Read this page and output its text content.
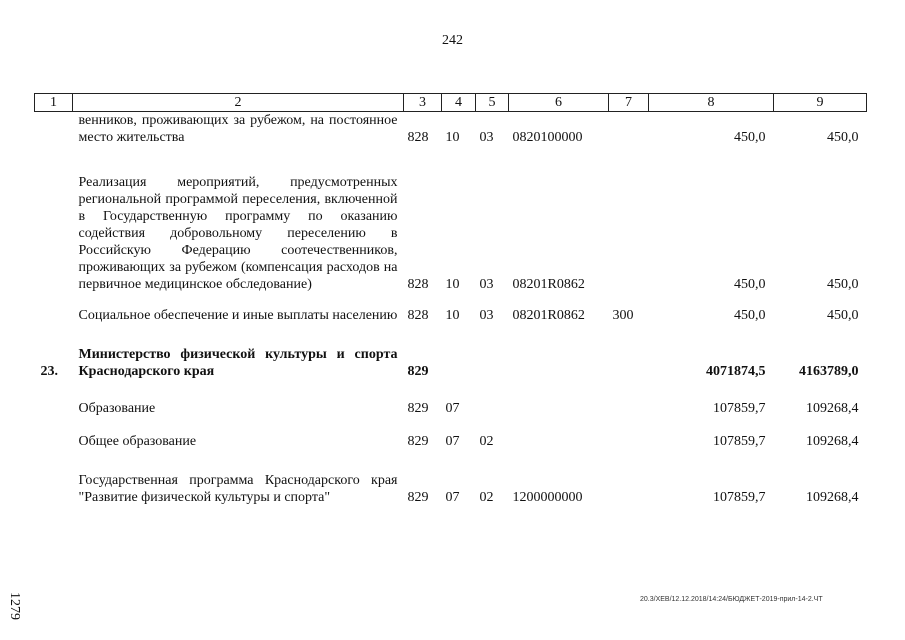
242
1	2	3	4	5	6	7	8	9
	венников, проживающих за рубежом, на постоянное место жительства	828	10	03	0820100000		450,0	450,0
	Реализация мероприятий, предусмотренных региональной программой переселения, включенной в Государственную программу по оказанию содействия добровольному переселению в Российскую Федерацию соотечественников, проживающих за рубежом (компенсация расходов на первичное медицинское обследование)	828	10	03	08201R0862		450,0	450,0
	Социальное обеспечение и иные выплаты населению	828	10	03	08201R0862	300	450,0	450,0
23.	Министерство физической культуры и спорта Краснодарского края	829					4071874,5	4163789,0
	Образование	829	07				107859,7	109268,4
	Общее образование	829	07	02			107859,7	109268,4
	Государственная программа Краснодарского края "Развитие физической культуры и спорта"	829	07	02	1200000000		107859,7	109268,4
1279	20.3/ХЕВ/12.12.2018/14:24/БЮДЖЕТ-2019-прил-14-2.ЧТ
